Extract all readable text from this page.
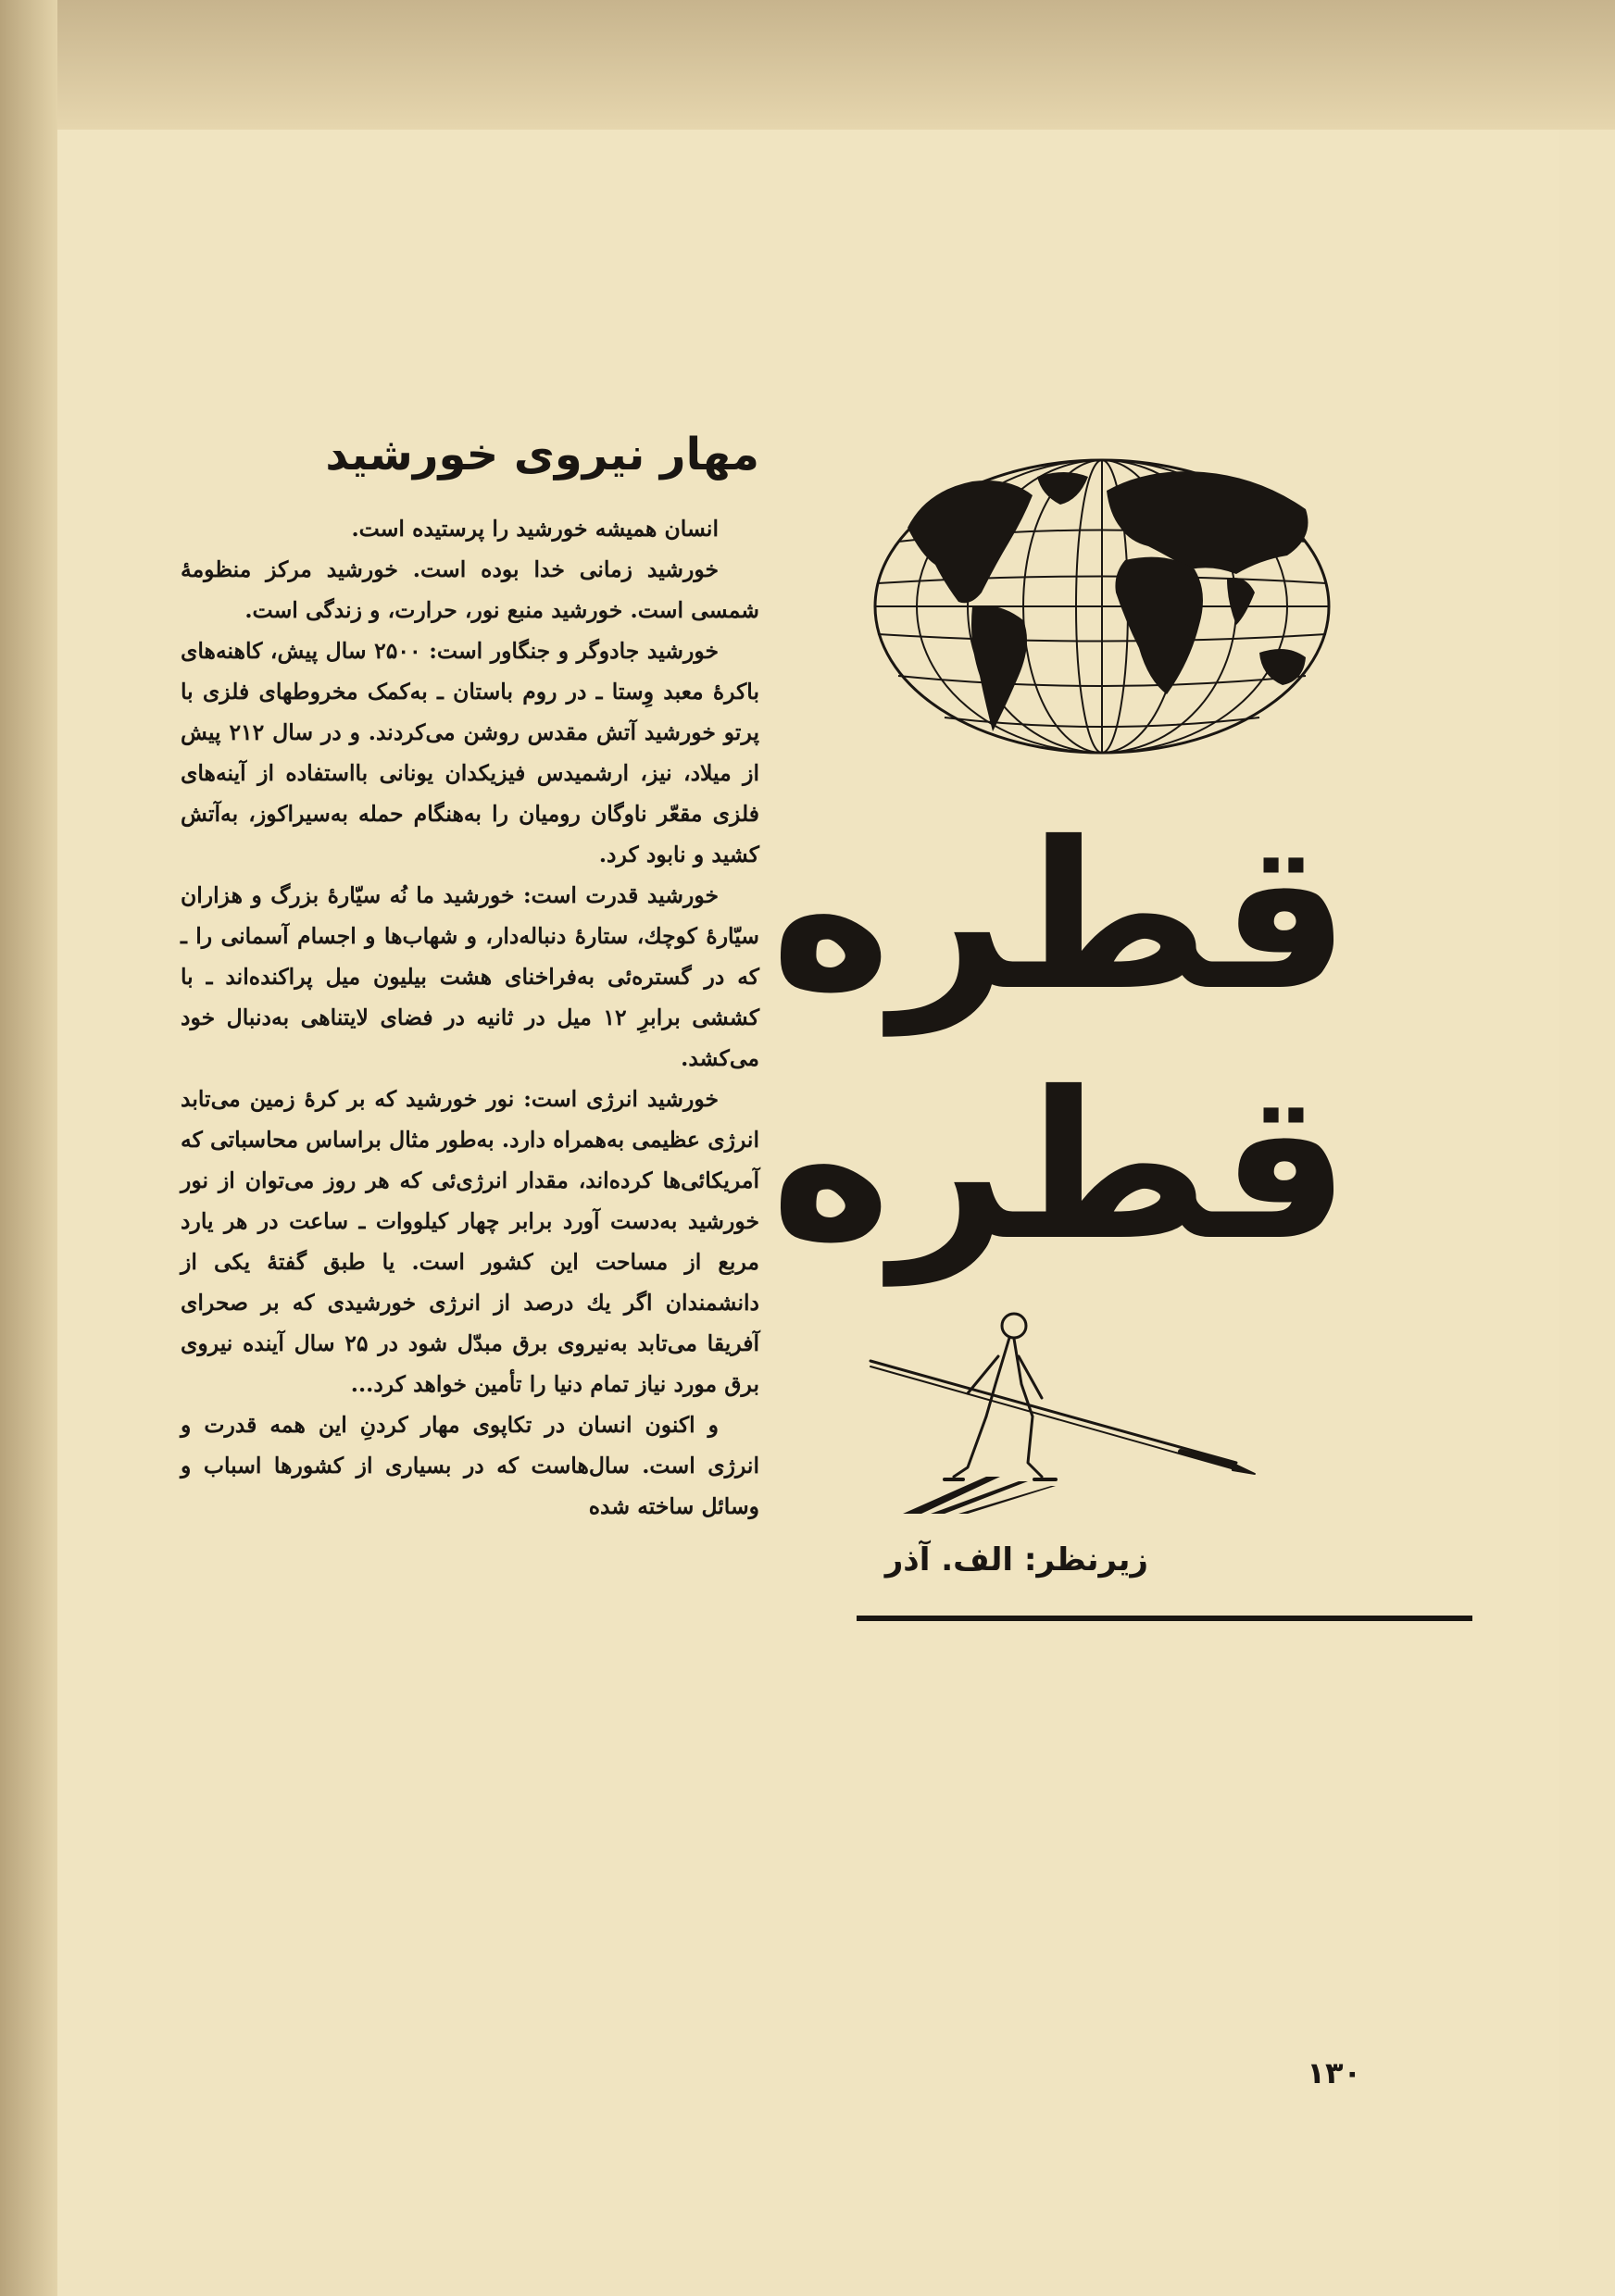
مهار نیروی خورشید

انسان همیشه خورشید را پرستیده است.

خورشید زمانی خدا بوده است. خورشید مرکز منظومهٔ شمسی است. خورشید منبع نور، حرارت، و زندگی است.

خورشید جادوگر و جنگاور است: ۲۵۰۰ سال پیش، کاهنه‌های باکرهٔ معبد وِستا ـ در روم باستان ـ به‌کمک مخروطهای فلزی با پرتو خورشید آتش مقدس روشن می‌کردند. و در سال ۲۱۲ پیش از میلاد، نیز، ارشمیدس فیزیکدان یونانی بااستفاده از آینه‌های فلزی مقعّر ناوگان رومیان را به‌هنگام حمله به‌سیراکوز، به‌آتش کشید و نابود کرد.

خورشید قدرت است: خورشید ما نُه سیّارهٔ بزرگ و هزاران سیّارهٔ کوچك، ستارهٔ دنباله‌دار، و شهاب‌ها و اجسام آسمانی را ـ که در گستره‌ئی به‌فراخنای هشت بیلیون میل پراکنده‌اند ـ با کششی برابرِ ۱۲ میل در ثانیه در فضای لایتناهی به‌دنبال خود می‌کشد.

خورشید انرژی است: نور خورشید که بر کرهٔ زمین می‌تابد انرژی عظیمی به‌همراه دارد. به‌طور مثال براساس محاسباتی که آمریکائی‌ها کرده‌اند، مقدار انرژی‌ئی که هر روز می‌توان از نور خورشید به‌دست آورد برابر چهار کیلووات ـ ساعت در هر یارد مربع از مساحت این کشور است. یا طبق گفتهٔ یکی از دانشمندان اگر یك درصد از انرژی خورشیدی که بر صحرای آفریقا می‌تابد به‌نیروی برق مبدّل شود در ۲۵ سال آینده نیروی برق مورد نیاز تمام دنیا را تأمین خواهد کرد...

و اکنون انسان در تکاپوی مهار کردنِ این همه قدرت و انرژی است. سال‌هاست که در بسیاری از کشورها اسباب و وسائل ساخته شده

قطره
قطره
زیرنظر: الف. آذر
۱۳۰
